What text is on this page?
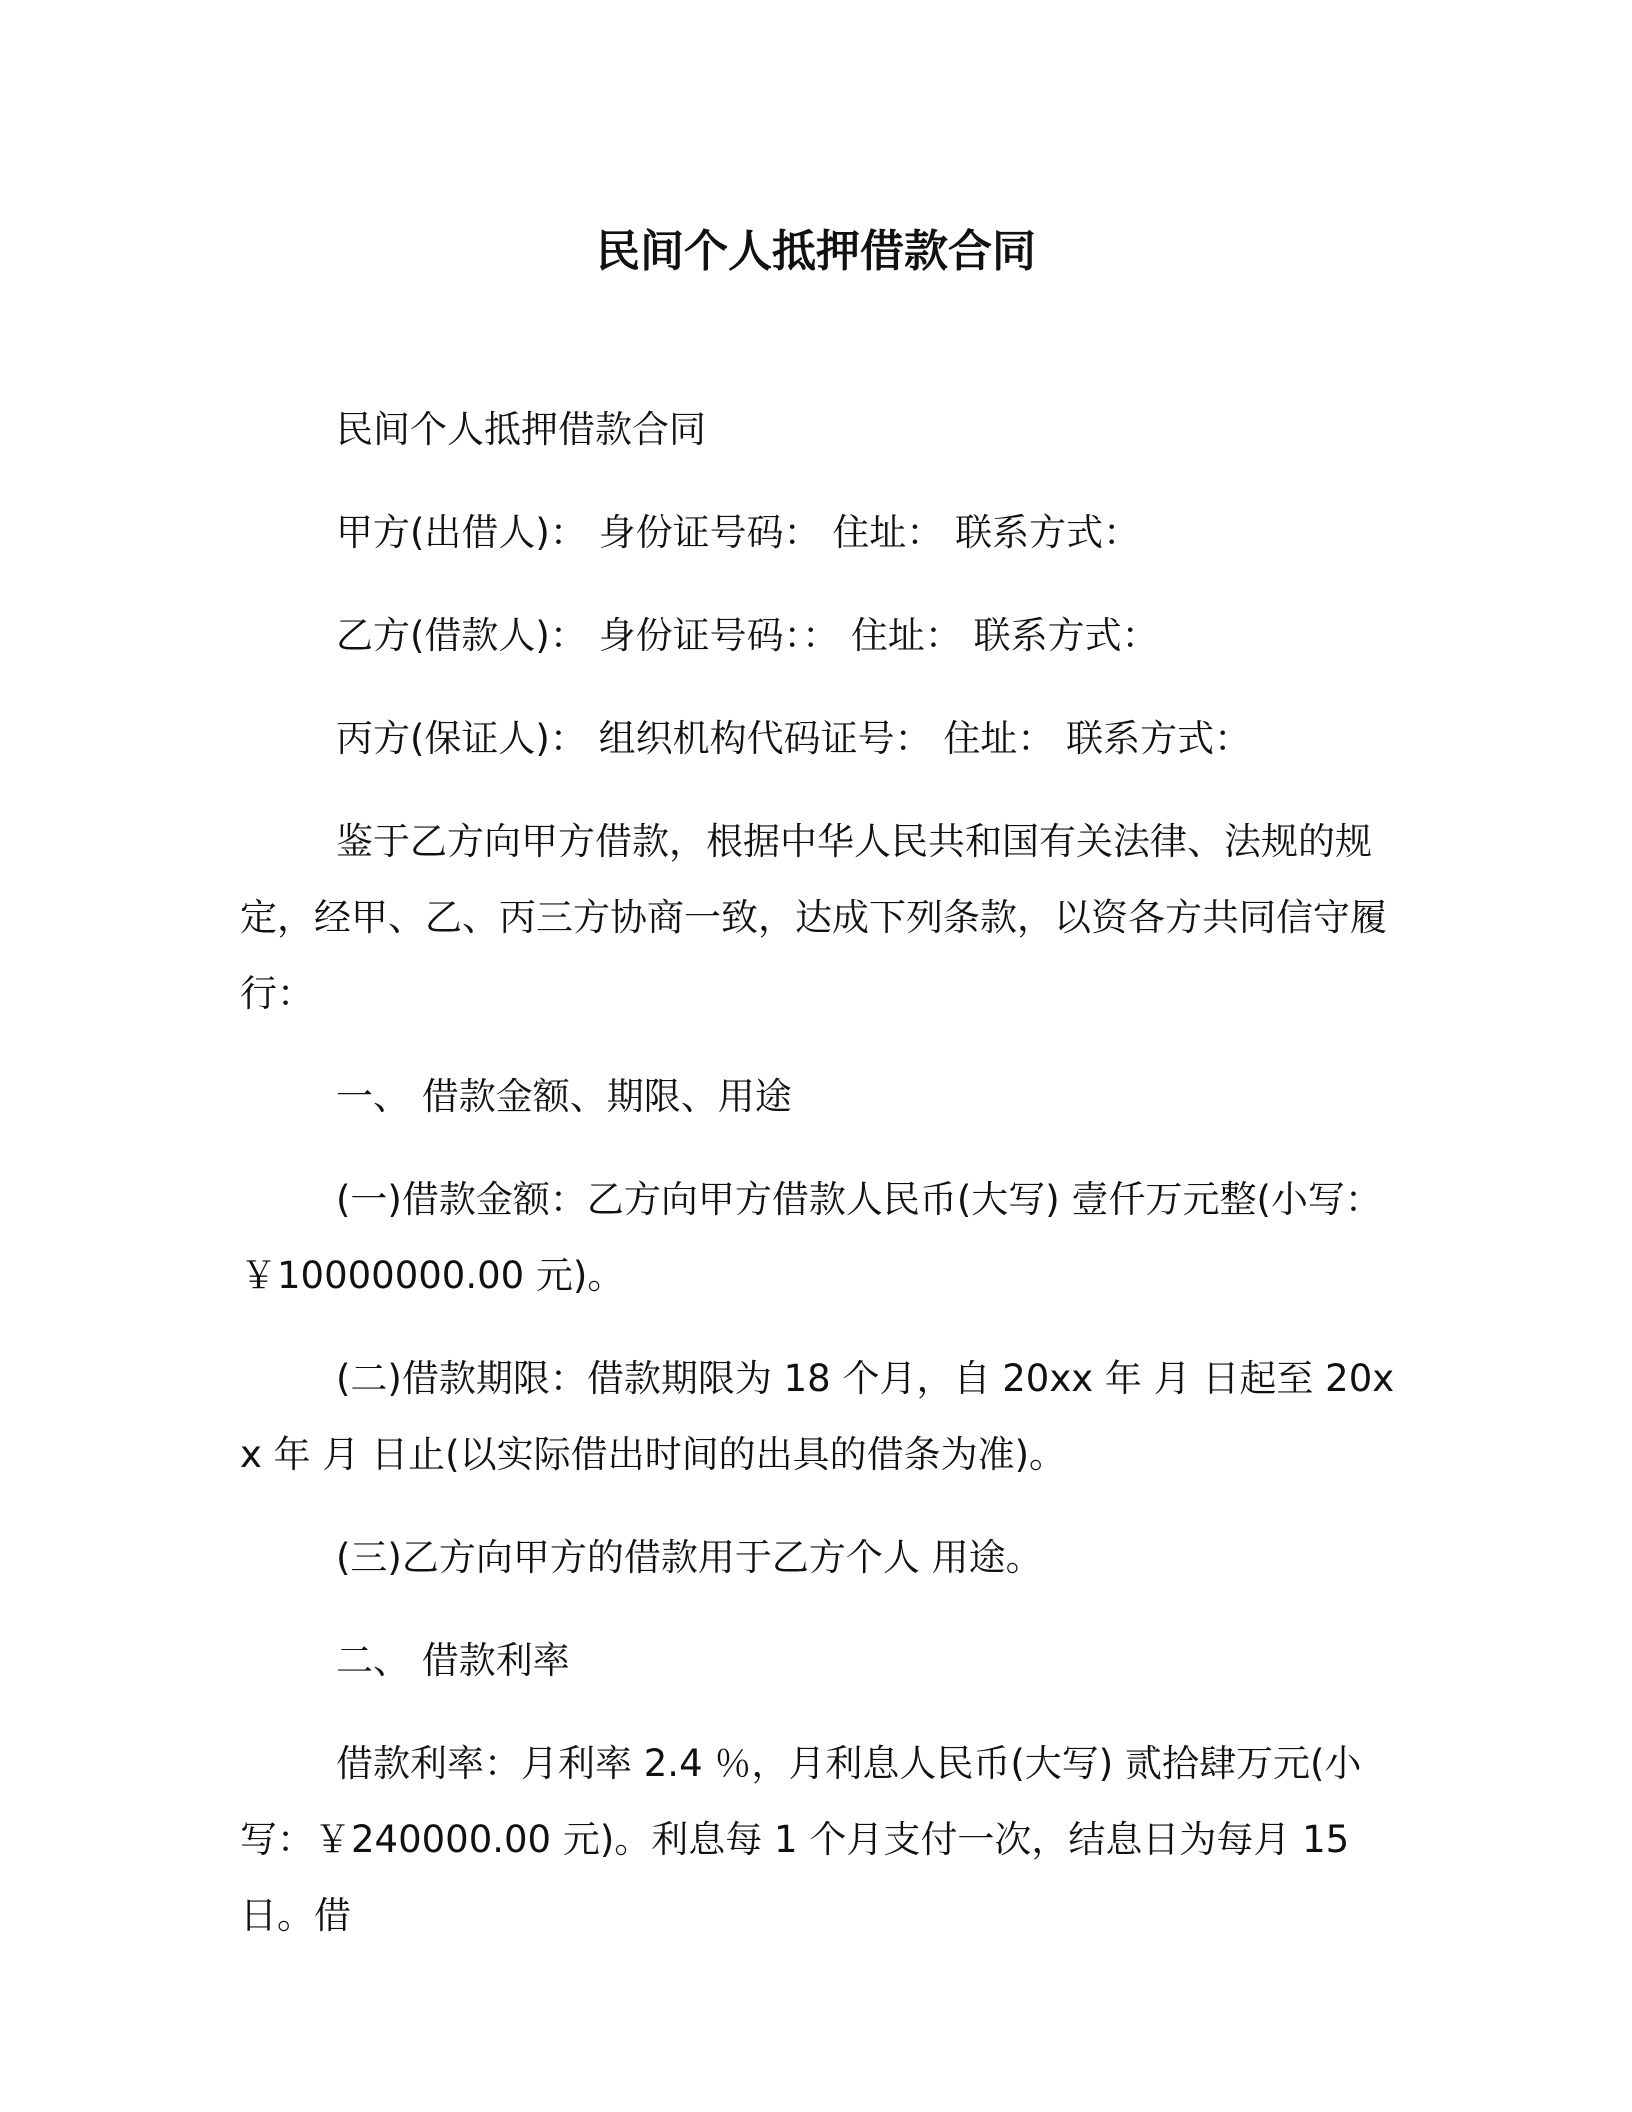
民间个人抵押借款合同

民间个人抵押借款合同

甲方(出借人)： 身份证号码： 住址： 联系方式：

乙方(借款人)： 身份证号码：： 住址： 联系方式：

丙方(保证人)： 组织机构代码证号： 住址： 联系方式：

鉴于乙方向甲方借款，根据中华人民共和国有关法律、法规的规定，经甲、乙、丙三方协商一致，达成下列条款，以资各方共同信守履行：

一、 借款金额、期限、用途

(一)借款金额：乙方向甲方借款人民币(大写) 壹仟万元整(小写：￥10000000.00 元)。

(二)借款期限：借款期限为 18 个月，自 20xx 年 月 日起至 20xx 年 月 日止(以实际借出时间的出具的借条为准)。

(三)乙方向甲方的借款用于乙方个人 用途。

二、 借款利率

借款利率：月利率 2.4 ％，月利息人民币(大写) 贰拾肆万元(小写：￥240000.00 元)。利息每 1 个月支付一次，结息日为每月 15 日。借
